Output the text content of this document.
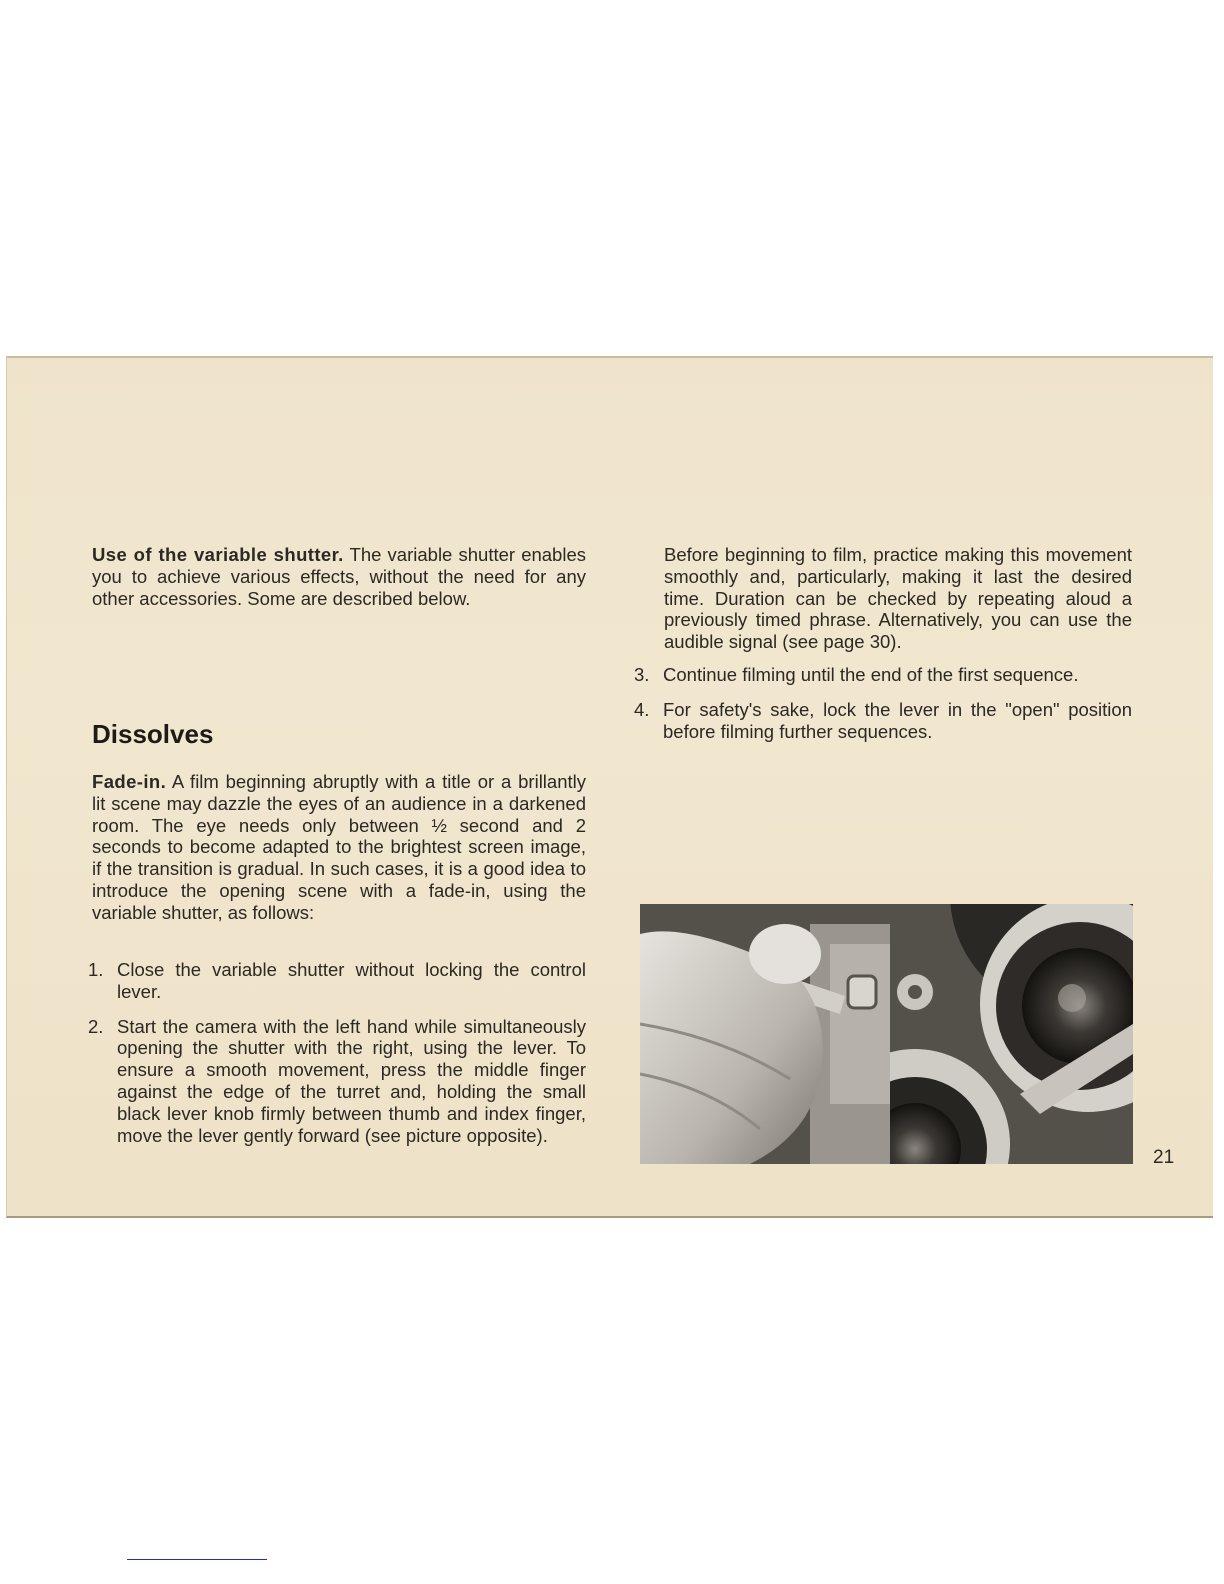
Use of the variable shutter. The variable shutter enables you to achieve various effects, without the need for any other accessories. Some are described below.
Dissolves
Fade-in. A film beginning abruptly with a title or a brillantly lit scene may dazzle the eyes of an audience in a darkened room. The eye needs only between ½ second and 2 seconds to become adapted to the brightest screen image, if the transition is gradual. In such cases, it is a good idea to introduce the opening scene with a fade-in, using the variable shutter, as follows:
1. Close the variable shutter without locking the control lever.
2. Start the camera with the left hand while simultaneously opening the shutter with the right, using the lever. To ensure a smooth movement, press the middle finger against the edge of the turret and, holding the small black lever knob firmly between thumb and index finger, move the lever gently forward (see picture opposite).
Before beginning to film, practice making this movement smoothly and, particularly, making it last the desired time. Duration can be checked by repeating aloud a previously timed phrase. Alternatively, you can use the audible signal (see page 30).
3. Continue filming until the end of the first sequence.
4. For safety's sake, lock the lever in the "open" position before filming further sequences.
21
